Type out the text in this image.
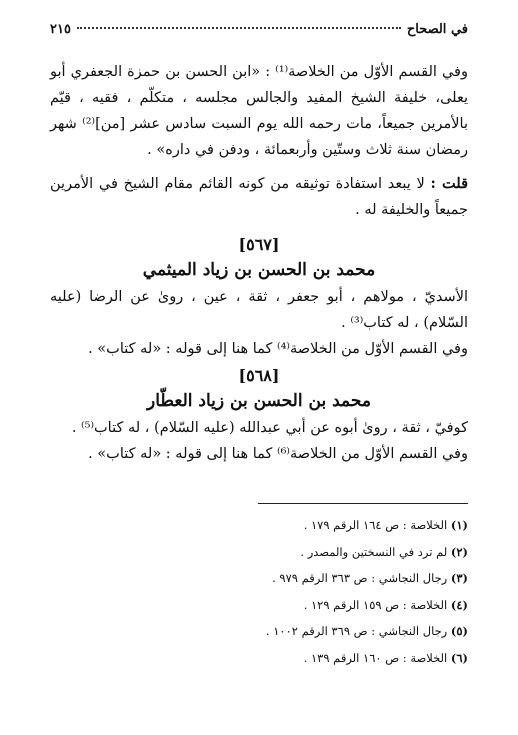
في الصحاح
٢١٥

وفي القسم الأوّل من الخلاصة⁽¹⁾ : «ابن الحسن بن حمزة الجعفري أبو يعلى، خليفة الشيخ المفيد والجالس مجلسه ، متكلّم ، فقيه ، قيّم بالأمرين جميعاً، مات رحمه الله يوم السبت سادس عشر [من]⁽²⁾ شهر رمضان سنة ثلاث وستّين وأربعمائة ، ودفن في داره» .

قلت : لا يبعد استفادة توثيقه من كونه القائم مقام الشيخ في الأمرين جميعاً والخليفة له .

[٥٦٧]
محمد بن الحسن بن زياد الميثمي

الأسديّ ، مولاهم ، أبو جعفر ، ثقة ، عين ، روىٰ عن الرضا (عليه السّلام) ، له كتاب⁽³⁾ .

وفي القسم الأوّل من الخلاصة⁽⁴⁾ كما هنا إلى قوله : «له كتاب» .

[٥٦٨]
محمد بن الحسن بن زياد العطّار

كوفيّ ، ثقة ، روىٰ أبوه عن أبي عبدالله (عليه السّلام) ، له كتاب⁽⁵⁾ .

وفي القسم الأوّل من الخلاصة⁽⁶⁾ كما هنا إلى قوله : «له كتاب» .

(١) الخلاصة : ص ١٦٤ الرقم ١٧٩ .
(٢) لم ترد في النسختين والمصدر .
(٣) رجال النجاشي : ص ٣٦٣ الرقم ٩٧٩ .
(٤) الخلاصة : ص ١٥٩ الرقم ١٢٩ .
(٥) رجال النجاشي : ص ٣٦٩ الرقم ١٠٠٢ .
(٦) الخلاصة : ص ١٦٠ الرقم ١٣٩ .
